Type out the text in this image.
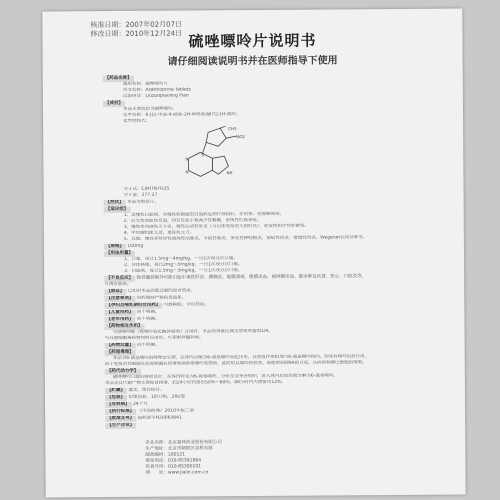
核准日期：2007年02月07日
修改日期：2010年12月24日 硫唑嘌呤片说明书
请仔细阅读说明书并在医师指导下使用
【药品名称】
通用名称：硫唑嘌呤片
英文名称：Azathioprine Tablets
汉语拼音：Liuzuopiaoling Pian
【成份】
本品主要成份为硫唑嘌呤。
化学名称：6-[(1-甲基-4-硝基-1H-咪唑基)硫代]-1H-嘌呤。
化学结构式：
CH3
NO2
S
N
N	NH
分子式：C9H7N7O2S
分子量：277.27
【性状】 本品为黄色片。
【适应症】
1、急慢性白血病，对慢性粒细胞型白血病近期疗效较好，作用快，但缓解期短。
2、后天性溶血性贫血，特发性血小板减少性紫癜，系统性红斑狼疮。
3、慢性类风湿性关节炎，慢性活动性肝炎（与自体免疫有关的肝炎），原发性胆汁性肝硬变。
4、甲状腺机能亢进，重症肌无力。
5、其他：慢性非特异性溃疡性结肠炎，节段性肠炎，多发性神经根炎，狼疮性肾炎，增殖性肾炎，Wegener氏肉芽肿等。
【规格】 100mg
【用法用量】
1、口服，每日1.5mg～4mg/kg，一日1次或分次口服。
2、异体移植，每日2mg～5mg/kg，一日1次或分次口服。
3、白血病，每日1.5mg～3mg/kg，一日1次或分次口服。
【不良反应】 除骨髓抑制外可能引起中毒性肝炎、胰腺炎、黏膜溃疡、腹膜出血、视网膜出血、肺水肿及厌食、恶心、口腔炎等。
可诱发感染。
【禁忌】 已知对本品高度过敏的患者禁用。
【注意事项】 用药期间严格检查血象。
【孕妇及哺乳期妇女用药】 可致畸胎，孕妇禁用。
【儿童用药】 尚不明确。
【老年用药】 尚不明确。
【药物相互作用】
与别嘌呤醇（黄嘌呤氧化酶抑制剂）合用时，本品的剂量应减至常规剂量的1/4。
与其他细胞毒药物同时应用时，可加重骨髓抑制。
【药物过量】 尚不明确。
【药理毒理】
本品为6-巯基嘌呤的咪唑衍生物，在体内分解为6-巯基嘌呤而起作用，其免疫作用机理与6-巯基嘌呤相同，即具有嘌呤拮抗作用。
由于免疫活性细胞在抗原刺激后的增殖期需要嘌呤类物质，此时给以嘌呤拮抗剂，即能抑制DNA的合成，从而抑制淋巴细胞的增殖。
【药代动力学】
硫唑嘌呤口服后吸收良好，在体内转变为6-巯基嘌呤，分布至全身各组织，进入体内后很快被分解为6-巯基嘌呤。
本品及其代谢产物主要经肾排泄，约24小时内排出50%～60%，48小时内大便排出12%。
【贮藏】 遮光，密封保存。
【包装】 铝塑包装，10片/板，2板/盒
【有效期】 24个月
【执行标准】 《中国药典》2010年版二部
【批准文号】 国药准字H20063841
【生产企业】
企业名称：北京嘉林药业股份有限公司
生产地址：北京市朝阳区双桥东路
邮政编码：100121
联系电话：010-85391864
传真号码：010-85390101
网　　址：www.jialin.com.cn
